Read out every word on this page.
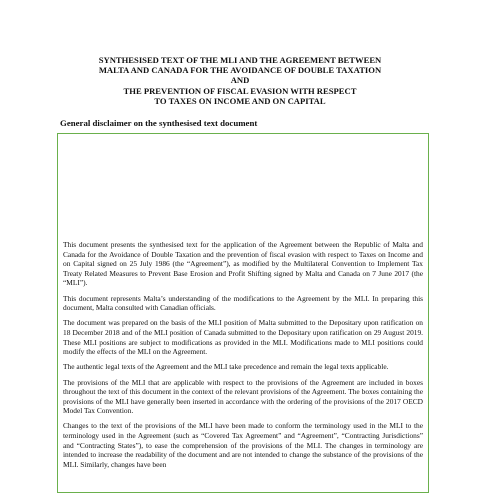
SYNTHESISED TEXT OF THE MLI AND THE AGREEMENT BETWEEN
MALTA AND CANADA FOR THE AVOIDANCE OF DOUBLE TAXATION
AND
THE PREVENTION OF FISCAL EVASION WITH RESPECT
TO TAXES ON INCOME AND ON CAPITAL
General disclaimer on the synthesised text document

This document presents the synthesised text for the application of the Agreement between the Republic of Malta and Canada for the Avoidance of Double Taxation and the prevention of fiscal evasion with respect to Taxes on Income and on Capital signed on 25 July 1986 (the “Agreement”), as modified by the Multilateral Convention to Implement Tax Treaty Related Measures to Prevent Base Erosion and Profit Shifting signed by Malta and Canada on 7 June 2017 (the “MLI”).

This document represents Malta’s understanding of the modifications to the Agreement by the MLI. In preparing this document, Malta consulted with Canadian officials.

The document was prepared on the basis of the MLI position of Malta submitted to the Depositary upon ratification on 18 December 2018 and of the MLI position of Canada submitted to the Depositary upon ratification on 29 August 2019. These MLI positions are subject to modifications as provided in the MLI. Modifications made to MLI positions could modify the effects of the MLI on the Agreement.

The authentic legal texts of the Agreement and the MLI take precedence and remain the legal texts applicable.

The provisions of the MLI that are applicable with respect to the provisions of the Agreement are included in boxes throughout the text of this document in the context of the relevant provisions of the Agreement. The boxes containing the provisions of the MLI have generally been inserted in accordance with the ordering of the provisions of the 2017 OECD Model Tax Convention.

Changes to the text of the provisions of the MLI have been made to conform the terminology used in the MLI to the terminology used in the Agreement (such as “Covered Tax Agreement” and “Agreement”, “Contracting Jurisdictions” and “Contracting States”), to ease the comprehension of the provisions of the MLI. The changes in terminology are intended to increase the readability of the document and are not intended to change the substance of the provisions of the MLI. Similarly, changes have been
